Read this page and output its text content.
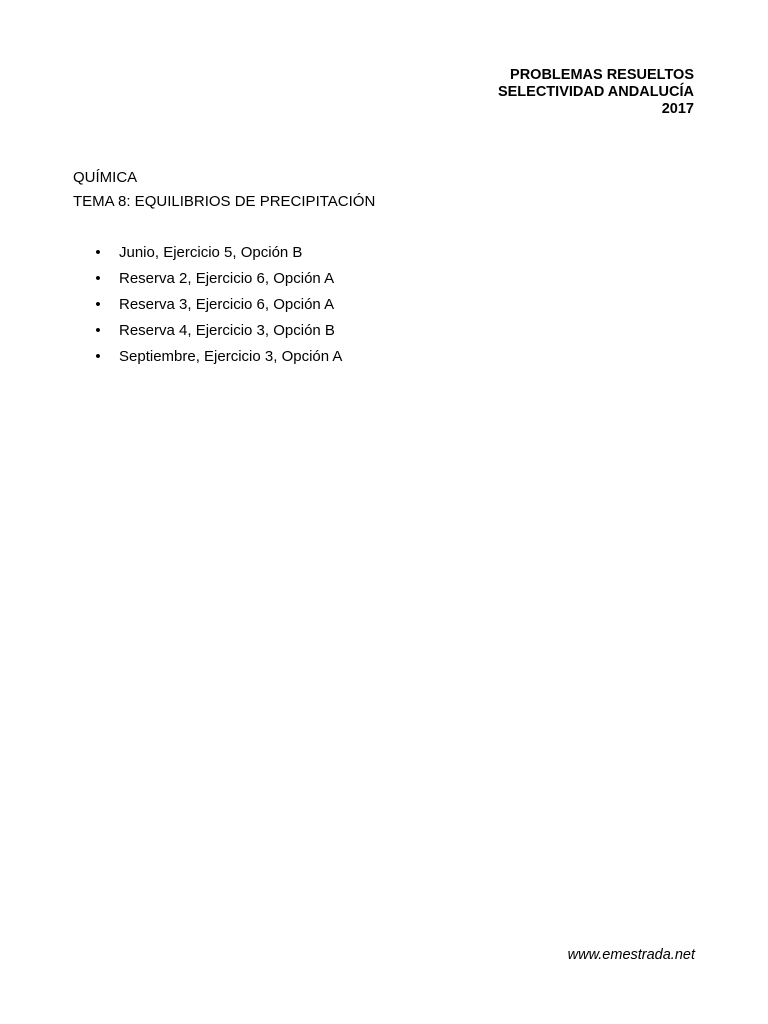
PROBLEMAS RESUELTOS
SELECTIVIDAD ANDALUCÍA
2017
QUÍMICA
TEMA 8: EQUILIBRIOS DE PRECIPITACIÓN
• Junio, Ejercicio 5, Opción B
• Reserva 2, Ejercicio 6, Opción A
• Reserva 3, Ejercicio 6, Opción A
• Reserva 4, Ejercicio 3, Opción B
• Septiembre, Ejercicio 3, Opción A
www.emestrada.net
